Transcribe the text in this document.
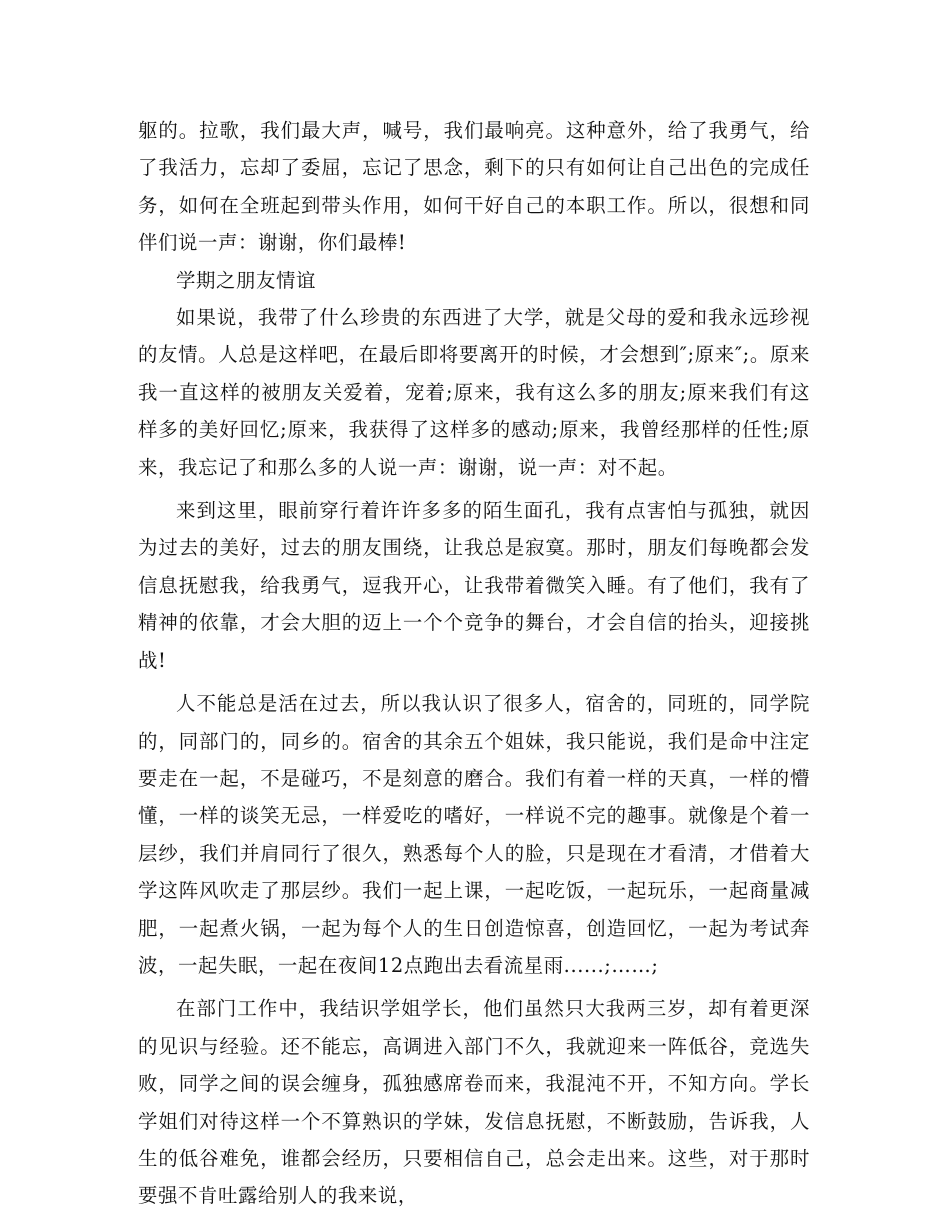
躯的。拉歌，我们最大声，喊号，我们最响亮。这种意外，给了我勇气，给了我活力，忘却了委屈，忘记了思念，剩下的只有如何让自己出色的完成任务，如何在全班起到带头作用，如何干好自己的本职工作。所以，很想和同伴们说一声：谢谢，你们最棒!

学期之朋友情谊

如果说，我带了什么珍贵的东西进了大学，就是父母的爱和我永远珍视的友情。人总是这样吧，在最后即将要离开的时候，才会想到″;原来″;。原来我一直这样的被朋友关爱着，宠着;原来，我有这么多的朋友;原来我们有这样多的美好回忆;原来，我获得了这样多的感动;原来，我曾经那样的任性;原来，我忘记了和那么多的人说一声：谢谢，说一声：对不起。

来到这里，眼前穿行着许许多多的陌生面孔，我有点害怕与孤独，就因为过去的美好，过去的朋友围绕，让我总是寂寞。那时，朋友们每晚都会发信息抚慰我，给我勇气，逗我开心，让我带着微笑入睡。有了他们，我有了精神的依靠，才会大胆的迈上一个个竞争的舞台，才会自信的抬头，迎接挑战!

人不能总是活在过去，所以我认识了很多人，宿舍的，同班的，同学院的，同部门的，同乡的。宿舍的其余五个姐妹，我只能说，我们是命中注定要走在一起，不是碰巧，不是刻意的磨合。我们有着一样的天真，一样的懵懂，一样的谈笑无忌，一样爱吃的嗜好，一样说不完的趣事。就像是个着一层纱，我们并肩同行了很久，熟悉每个人的脸，只是现在才看清，才借着大学这阵风吹走了那层纱。我们一起上课，一起吃饭，一起玩乐，一起商量减肥，一起煮火锅，一起为每个人的生日创造惊喜，创造回忆，一起为考试奔波，一起失眠，一起在夜间12点跑出去看流星雨......;……;

在部门工作中，我结识学姐学长，他们虽然只大我两三岁，却有着更深的见识与经验。还不能忘，高调进入部门不久，我就迎来一阵低谷，竞选失败，同学之间的误会缠身，孤独感席卷而来，我混沌不开，不知方向。学长学姐们对待这样一个不算熟识的学妹，发信息抚慰，不断鼓励，告诉我，人生的低谷难免，谁都会经历，只要相信自己，总会走出来。这些，对于那时要强不肯吐露给别人的我来说，
